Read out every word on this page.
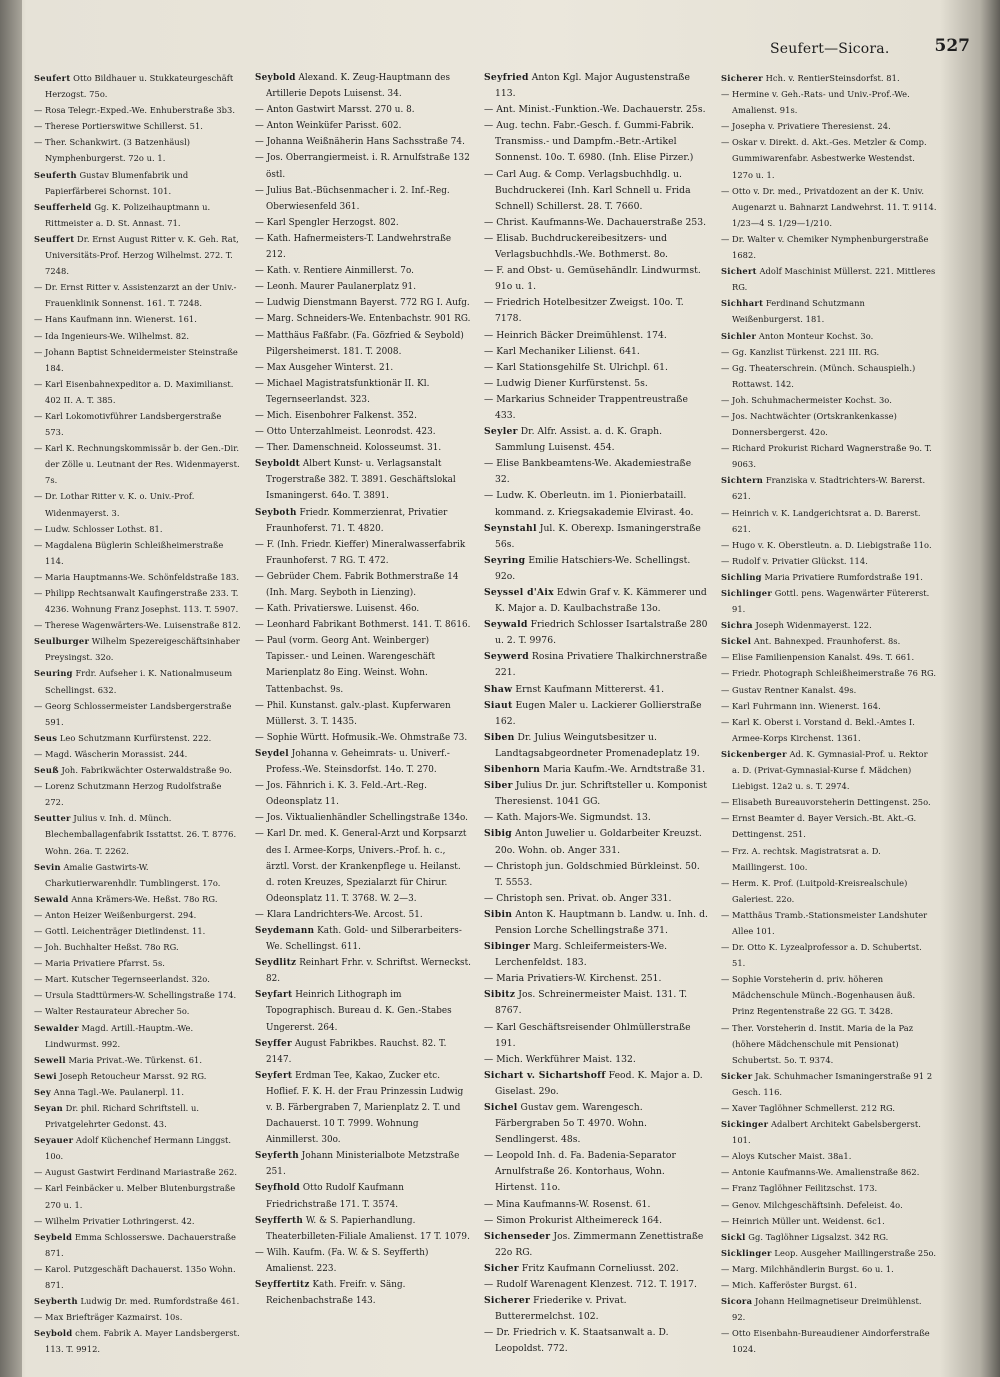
Seufert—Sicora.	527

Seufert Otto Bildhauer u. Stukkateurgeschäft Herzogst. 75o.

— Rosa Telegr.-Exped.-We. Enhuberstraße 3b3.

— Therese Portierswitwe Schillerst. 51.

— Ther. Schankwirt. (3 Batzenhäusl) Nymphenburgerst. 72o u. 1.

Seuferth Gustav Blumenfabrik und Papierfärberei Schornst. 101.

Seufferheld Gg. K. Polizeihauptmann u. Rittmeister a. D. St. Annast. 71.

Seuffert Dr. Ernst August Ritter v. K. Geh. Rat, Universitäts-Prof. Herzog Wilhelmst. 272. T. 7248.

— Dr. Ernst Ritter v. Assistenzarzt an der Univ.-Frauenklinik Sonnenst. 161. T. 7248.

— Hans Kaufmann inn. Wienerst. 161.

— Ida Ingenieurs-We. Wilhelmst. 82.

— Johann Baptist Schneidermeister Steinstraße 184.

— Karl Eisenbahnexpeditor a. D. Maximilianst. 402 II. A. T. 385.

— Karl Lokomotivführer Landsbergerstraße 573.

— Karl K. Rechnungskommissär b. der Gen.-Dir. der Zölle u. Leutnant der Res. Widenmayerst. 7s.

— Dr. Lothar Ritter v. K. o. Univ.-Prof. Widenmayerst. 3.

— Ludw. Schlosser Lothst. 81.

— Magdalena Büglerin Schleißheimerstraße 114.

— Maria Hauptmanns-We. Schönfeldstraße 183.

— Philipp Rechtsanwalt Kaufingerstraße 233. T. 4236. Wohnung Franz Josephst. 113. T. 5907.

— Therese Wagenwärters-We. Luisenstraße 812.

Seulburger Wilhelm Spezereigeschäftsinhaber Preysingst. 32o.

Seuring Frdr. Aufseher i. K. Nationalmuseum Schellingst. 632.

— Georg Schlossermeister Landsbergerstraße 591.

Seus Leo Schutzmann Kurfürstenst. 222.

— Magd. Wäscherin Morassist. 244.

Seuß Joh. Fabrikwächter Osterwaldstraße 9o.

— Lorenz Schutzmann Herzog Rudolfstraße 272.

Seutter Julius v. Inh. d. Münch. Blechemballagenfabrik Isstattst. 26. T. 8776. Wohn. 26a. T. 2262.

Sevin Amalie Gastwirts-W. Charkutierwarenhdlr. Tumblingerst. 17o.

Sewald Anna Krämers-We. Heßst. 78o RG.

— Anton Heizer Weißenburgerst. 294.

— Gottl. Leichenträger Dietlindenst. 11.

— Joh. Buchhalter Heßst. 78o RG.

— Maria Privatiere Pfarrst. 5s.

— Mart. Kutscher Tegernseerlandst. 32o.

— Ursula Stadttürmers-W. Schellingstraße 174.

— Walter Restaurateur Abrecher 5o.

Sewalder Magd. Artill.-Hauptm.-We. Lindwurmst. 992.

Sewell Maria Privat.-We. Türkenst. 61.

Sewi Joseph Retoucheur Marsst. 92 RG.

Sey Anna Tagl.-We. Paulanerpl. 11.

Seyan Dr. phil. Richard Schriftstell. u. Privatgelehrter Gedonst. 43.

Seyauer Adolf Küchenchef Hermann Linggst. 10o.

— August Gastwirt Ferdinand Mariastraße 262.

— Karl Feinbäcker u. Melber Blutenburgstraße 270 u. 1.

— Wilhelm Privatier Lothringerst. 42.

Seybeld Emma Schlosserswe. Dachauerstraße 871.

— Karol. Putzgeschäft Dachauerst. 135o Wohn. 871.

Seyberth Ludwig Dr. med. Rumfordstraße 461.

— Max Briefträger Kazmairst. 10s.

Seybold chem. Fabrik A. Mayer Landsbergerst. 113. T. 9912.

Seybold Alexand. K. Zeug-Hauptmann des Artillerie Depots Luisenst. 34.

— Anton Gastwirt Marsst. 270 u. 8.

— Anton Weinküfer Parisst. 602.

— Johanna Weißnäherin Hans Sachsstraße 74.

— Jos. Oberrangiermeist. i. R. Arnulfstraße 132 östl.

— Julius Bat.-Büchsenmacher i. 2. Inf.-Reg. Oberwiesenfeld 361.

— Karl Spengler Herzogst. 802.

— Kath. Hafnermeisters-T. Landwehrstraße 212.

— Kath. v. Rentiere Ainmillerst. 7o.

— Leonh. Maurer Paulanerplatz 91.

— Ludwig Dienstmann Bayerst. 772 RG I. Aufg.

— Marg. Schneiders-We. Entenbachstr. 901 RG.

— Matthäus Faßfabr. (Fa. Gözfried & Seybold) Pilgersheimerst. 181. T. 2008.

— Max Ausgeher Winterst. 21.

— Michael Magistratsfunktionär II. Kl. Tegernseerlandst. 323.

— Mich. Eisenbohrer Falkenst. 352.

— Otto Unterzahlmeist. Leonrodst. 423.

— Ther. Damenschneid. Kolosseumst. 31.

Seyboldt Albert Kunst- u. Verlagsanstalt Trogerstraße 382. T. 3891. Geschäftslokal Ismaningerst. 64o. T. 3891.

Seyboth Friedr. Kommerzienrat, Privatier Fraunhoferst. 71. T. 4820.

— F. (Inh. Friedr. Kieffer) Mineralwasserfabrik Fraunhoferst. 7 RG. T. 472.

— Gebrüder Chem. Fabrik Bothmerstraße 14 (Inh. Marg. Seyboth in Lienzing).

— Kath. Privatierswe. Luisenst. 46o.

— Leonhard Fabrikant Bothmerst. 141. T. 8616.

— Paul (vorm. Georg Ant. Weinberger) Tapisser.- und Leinen. Warengeschäft Marienplatz 8o Eing. Weinst. Wohn. Tattenbachst. 9s.

— Phil. Kunstanst. galv.-plast. Kupferwaren Müllerst. 3. T. 1435.

— Sophie Württ. Hofmusik.-We. Ohmstraße 73.

Seydel Johanna v. Geheimrats- u. Univerf.-Profess.-We. Steinsdorfst. 14o. T. 270.

— Jos. Fähnrich i. K. 3. Feld.-Art.-Reg. Odeonsplatz 11.

— Jos. Viktualienhändler Schellingstraße 134o.

— Karl Dr. med. K. General-Arzt und Korpsarzt des I. Armee-Korps, Univers.-Prof. h. c., ärztl. Vorst. der Krankenpflege u. Heilanst. d. roten Kreuzes, Spezialarzt für Chirur. Odeonsplatz 11. T. 3768. W. 2—3.

— Klara Landrichters-We. Arcost. 51.

Seydemann Kath. Gold- und Silberarbeiters-We. Schellingst. 611.

Seydlitz Reinhart Frhr. v. Schriftst. Werneckst. 82.

Seyfart Heinrich Lithograph im Topographisch. Bureau d. K. Gen.-Stabes Ungererst. 264.

Seyffer August Fabrikbes. Rauchst. 82. T. 2147.

Seyfert Erdman Tee, Kakao, Zucker etc. Hoflief. F. K. H. der Frau Prinzessin Ludwig v. B. Färbergraben 7, Marienplatz 2. T. und Dachauerst. 10 T. 7999. Wohnung Ainmillerst. 30o.

Seyferth Johann Ministerialbote Metzstraße 251.

Seyfhold Otto Rudolf Kaufmann Friedrichstraße 171. T. 3574.

Seyfferth W. & S. Papierhandlung. Theaterbilleten-Filiale Amalienst. 17 T. 1079.

— Wilh. Kaufm. (Fa. W. & S. Seyfferth) Amalienst. 223.

Seyffertitz Kath. Freifr. v. Säng. Reichenbachstraße 143.

Seyfried Anton Kgl. Major Augustenstraße 113.

— Ant. Minist.-Funktion.-We. Dachauerstr. 25s.

— Aug. techn. Fabr.-Gesch. f. Gummi-Fabrik. Transmiss.- und Dampfm.-Betr.-Artikel Sonnenst. 10o. T. 6980. (Inh. Elise Pirzer.)

— Carl Aug. & Comp. Verlagsbuchhdlg. u. Buchdruckerei (Inh. Karl Schnell u. Frida Schnell) Schillerst. 28. T. 7660.

— Christ. Kaufmanns-We. Dachauerstraße 253.

— Elisab. Buchdruckereibesitzers- und Verlagsbuchhdls.-We. Bothmerst. 8o.

— F. and Obst- u. Gemüsehändlr. Lindwurmst. 91o u. 1.

— Friedrich Hotelbesitzer Zweigst. 10o. T. 7178.

— Heinrich Bäcker Dreimühlenst. 174.

— Karl Mechaniker Lilienst. 641.

— Karl Stationsgehilfe St. Ulrichpl. 61.

— Ludwig Diener Kurfürstenst. 5s.

— Markarius Schneider Trappentreustraße 433.

Seyler Dr. Alfr. Assist. a. d. K. Graph. Sammlung Luisenst. 454.

— Elise Bankbeamtens-We. Akademiestraße 32.

— Ludw. K. Oberleutn. im 1. Pionierbataill. kommand. z. Kriegsakademie Elvirast. 4o.

Seynstahl Jul. K. Oberexp. Ismaningerstraße 56s.

Seyring Emilie Hatschiers-We. Schellingst. 92o.

Seyssel d'Aix Edwin Graf v. K. Kämmerer und K. Major a. D. Kaulbachstraße 13o.

Seywald Friedrich Schlosser Isartalstraße 280 u. 2. T. 9976.

Seywerd Rosina Privatiere Thalkirchnerstraße 221.

Shaw Ernst Kaufmann Mittererst. 41.

Siaut Eugen Maler u. Lackierer Gollierstraße 162.

Siben Dr. Julius Weingutsbesitzer u. Landtagsabgeordneter Promenadeplatz 19.

Sibenhorn Maria Kaufm.-We. Arndtstraße 31.

Siber Julius Dr. jur. Schriftsteller u. Komponist Theresienst. 1041 GG.

— Kath. Majors-We. Sigmundst. 13.

Sibig Anton Juwelier u. Goldarbeiter Kreuzst. 20o. Wohn. ob. Anger 331.

— Christoph jun. Goldschmied Bürkleinst. 50. T. 5553.

— Christoph sen. Privat. ob. Anger 331.

Sibin Anton K. Hauptmann b. Landw. u. Inh. d. Pension Lorche Schellingstraße 371.

Sibinger Marg. Schleifermeisters-We. Lerchenfeldst. 183.

— Maria Privatiers-W. Kirchenst. 251.

Sibitz Jos. Schreinermeister Maist. 131. T. 8767.

— Karl Geschäftsreisender Ohlmüllerstraße 191.

— Mich. Werkführer Maist. 132.

Sichart v. Sichartshoff Feod. K. Major a. D. Giselast. 29o.

Sichel Gustav gem. Warengesch. Färbergraben 5o T. 4970. Wohn. Sendlingerst. 48s.

— Leopold Inh. d. Fa. Badenia-Separator Arnulfstraße 26. Kontorhaus, Wohn. Hirtenst. 11o.

— Mina Kaufmanns-W. Rosenst. 61.

— Simon Prokurist Altheimereck 164.

Sichenseder Jos. Zimmermann Zenettistraße 22o RG.

Sicher Fritz Kaufmann Corneliusst. 202.

— Rudolf Warenagent Klenzest. 712. T. 1917.

Sicherer Friederike v. Privat. Butterermelchst. 102.

— Dr. Friedrich v. K. Staatsanwalt a. D. Leopoldst. 772.

Sicherer Hch. v. RentierSteinsdorfst. 81.

— Hermine v. Geh.-Rats- und Univ.-Prof.-We. Amalienst. 91s.

— Josepha v. Privatiere Theresienst. 24.

— Oskar v. Direkt. d. Akt.-Ges. Metzler & Comp. Gummiwarenfabr. Asbestwerke Westendst. 127o u. 1.

— Otto v. Dr. med., Privatdozent an der K. Univ. Augenarzt u. Bahnarzt Landwehrst. 11. T. 9114. 1/23—4 S. 1/29—1/210.

— Dr. Walter v. Chemiker Nymphenburgerstraße 1682.

Sichert Adolf Maschinist Müllerst. 221. Mittleres RG.

Sichhart Ferdinand Schutzmann Weißenburgerst. 181.

Sichler Anton Monteur Kochst. 3o.

— Gg. Kanzlist Türkenst. 221 III. RG.

— Gg. Theaterschrein. (Münch. Schauspielh.) Rottawst. 142.

— Joh. Schuhmachermeister Kochst. 3o.

— Jos. Nachtwächter (Ortskrankenkasse) Donnersbergerst. 42o.

— Richard Prokurist Richard Wagnerstraße 9o. T. 9063.

Sichtern Franziska v. Stadtrichters-W. Barerst. 621.

— Heinrich v. K. Landgerichtsrat a. D. Barerst. 621.

— Hugo v. K. Oberstleutn. a. D. Liebigstraße 11o.

— Rudolf v. Privatier Glückst. 114.

Sichling Maria Privatiere Rumfordstraße 191.

Sichlinger Gottl. pens. Wagenwärter Fütererst. 91.

Sichra Joseph Widenmayerst. 122.

Sickel Ant. Bahnexped. Fraunhoferst. 8s.

— Elise Familienpension Kanalst. 49s. T. 661.

— Friedr. Photograph Schleißheimerstraße 76 RG.

— Gustav Rentner Kanalst. 49s.

— Karl Fuhrmann inn. Wienerst. 164.

— Karl K. Oberst i. Vorstand d. Bekl.-Amtes I. Armee-Korps Kirchenst. 1361.

Sickenberger Ad. K. Gymnasial-Prof. u. Rektor a. D. (Privat-Gymnasial-Kurse f. Mädchen) Liebigst. 12a2 u. s. T. 2974.

— Elisabeth Bureauvorsteherin Dettingenst. 25o.

— Ernst Beamter d. Bayer Versich.-Bt. Akt.-G. Dettingenst. 251.

— Frz. A. rechtsk. Magistratsrat a. D. Maillingerst. 10o.

— Herm. K. Prof. (Luitpold-Kreisrealschule) Galeriest. 22o.

— Matthäus Tramb.-Stationsmeister Landshuter Allee 101.

— Dr. Otto K. Lyzealprofessor a. D. Schubertst. 51.

— Sophie Vorsteherin d. priv. höheren Mädchenschule Münch.-Bogenhausen äuß. Prinz Regentenstraße 22 GG. T. 3428.

— Ther. Vorsteherin d. Instit. Maria de la Paz (höhere Mädchenschule mit Pensionat) Schubertst. 5o. T. 9374.

Sicker Jak. Schuhmacher Ismaningerstraße 91 2 Gesch. 116.

— Xaver Taglöhner Schmellerst. 212 RG.

Sickinger Adalbert Architekt Gabelsbergerst. 101.

— Aloys Kutscher Maist. 38a1.

— Antonie Kaufmanns-We. Amalienstraße 862.

— Franz Taglöhner Feilitzschst. 173.

— Genov. Milchgeschäftsinh. Defeleist. 4o.

— Heinrich Müller unt. Weidenst. 6c1.

Sickl Gg. Taglöhner Ligsalzst. 342 RG.

Sicklinger Leop. Ausgeher Maillingerstraße 25o.

— Marg. Milchhändlerin Burgst. 6o u. 1.

— Mich. Kafferöster Burgst. 61.

Sicora Johann Heilmagnetiseur Dreimühlenst. 92.

— Otto Eisenbahn-Bureaudiener Aindorferstraße 1024.
